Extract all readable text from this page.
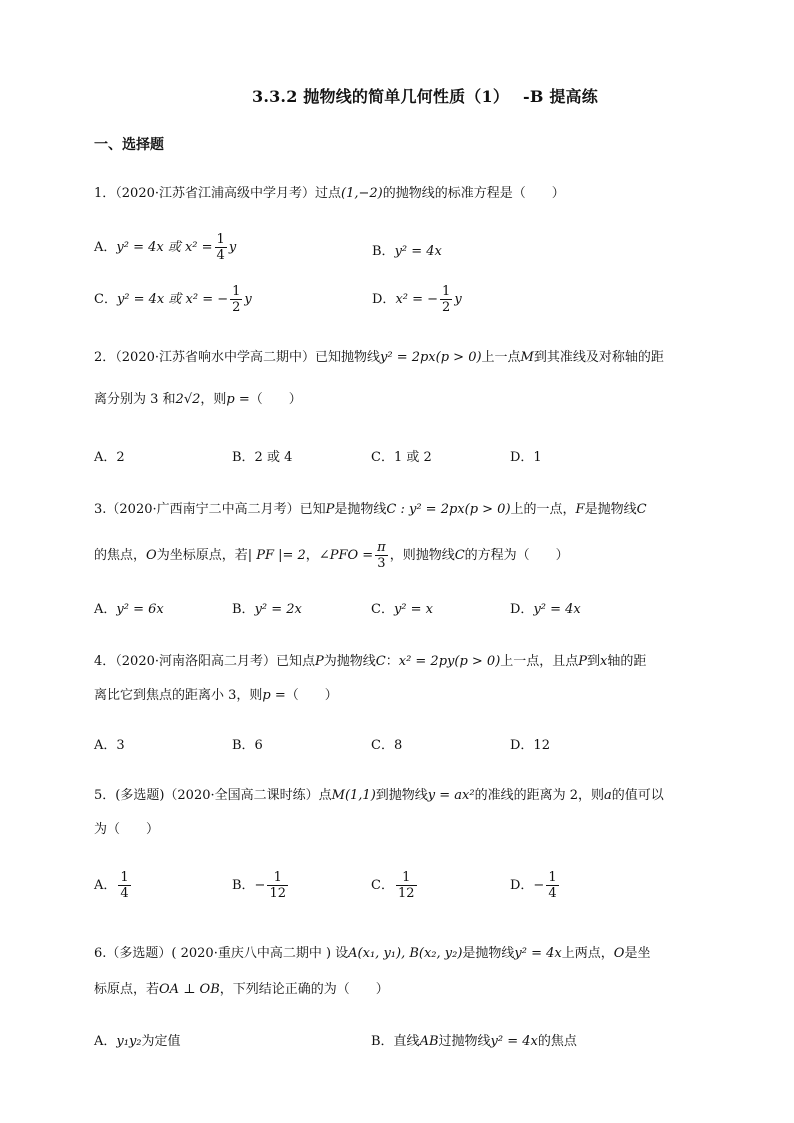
3.3.2 抛物线的简单几何性质（1）　 -B 提高练
一、选择题
1．（2020·江苏省江浦高级中学月考）过点(1,−2)的抛物线的标准方程是（　　）
A．y² = 4x 或 $x^2 = \frac{1}{4}$ y	B．y² = 4x
C．y² = 4x 或 x² = − $\frac{1}{2}$ y	D．x² = − $\frac{1}{2}$ y
2．（2020·江苏省响水中学高二期中）已知抛物线y² = 2px(p > 0)上一点M到其准线及对称轴的距
离分别为 3 和2√2，则p =（　　）
A．2	B．2 或 4	C．1 或 2	D．1
3.（2020·广西南宁二中高二月考）已知P是抛物线C : y² = 2px(p > 0)上的一点，F是抛物线C
的焦点，O为坐标原点，若| PF |= 2，∠PFO = $\frac{\pi}{3}$ ，则抛物线C的方程为（　　）
A．y² = 6x	B．y² = 2x	C．y² = x	D．y² = 4x
4．（2020·河南洛阳高二月考）已知点P为抛物线C：x² = 2py(p > 0)上一点，且点P到x轴的距
离比它到焦点的距离小 3，则p =（　　）
A．3	B．6	C．8	D．12
5．(多选题)（2020·全国高二课时练）点M(1,1)到抛物线y = ax²的准线的距离为 2，则a的值可以
为（　　）
A． $\frac{1}{4}$	B．− $\frac{1}{12}$	C． $\frac{1}{12}$	D．− $\frac{1}{4}$
6.（多选题）( 2020·重庆八中高二期中 ) 设A(x₁, y₁), B(x₂, y₂)是抛物线y² = 4x上两点，O是坐
标原点，若OA ⊥ OB，下列结论正确的为（　　）
A．y₁y₂为定值	B．直线AB过抛物线y² = 4x的焦点
